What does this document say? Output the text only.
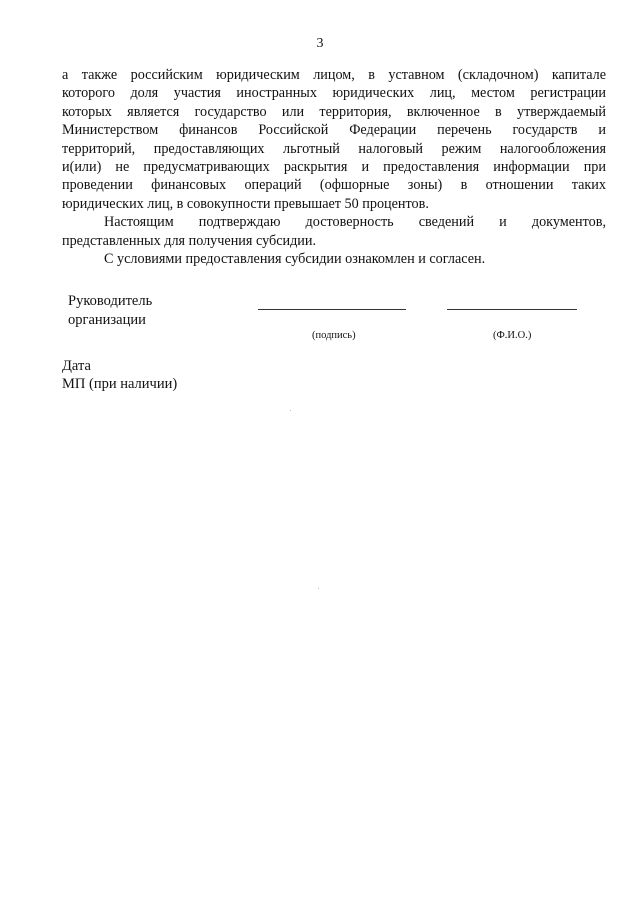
3
а также российским юридическим лицом, в уставном (складочном) капитале
которого доля участия иностранных юридических лиц, местом регистрации
которых является государство или территория, включенное в утверждаемый
Министерством финансов Российской Федерации перечень государств и
территорий, предоставляющих льготный налоговый режим налогообложения
и(или) не предусматривающих раскрытия и предоставления информации при
проведении финансовых операций (офшорные зоны) в отношении таких
юридических лиц, в совокупности превышает 50 процентов.
Настоящим подтверждаю достоверность сведений и документов,
представленных для получения субсидии.
С условиями предоставления субсидии ознакомлен и согласен.
Руководитель
организации
(подпись)	(Ф.И.О.)
Дата
МП (при наличии)
